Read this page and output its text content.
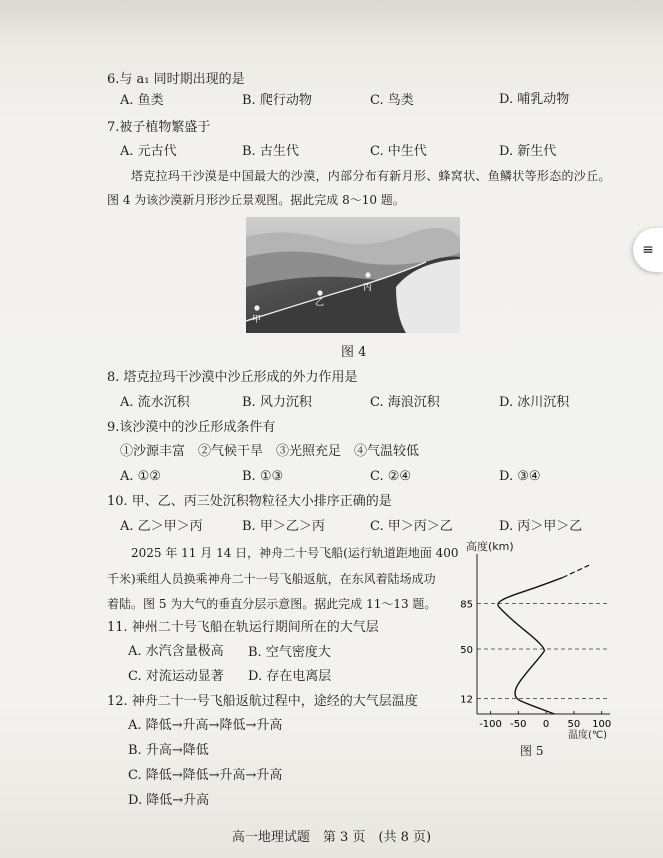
6.与 a₁ 同时期出现的是
A. 鱼类	B. 爬行动物	C. 鸟类	D. 哺乳动物
7.被子植物繁盛于
A. 元古代	B. 古生代	C. 中生代	D. 新生代
塔克拉玛干沙漠是中国最大的沙漠，内部分布有新月形、蜂窝状、鱼鳞状等形态的沙丘。
图 4 为该沙漠新月形沙丘景观图。据此完成 8～10 题。
丙
乙
甲
图 4
8. 塔克拉玛干沙漠中沙丘形成的外力作用是
A. 流水沉积	B. 风力沉积	C. 海浪沉积	D. 冰川沉积
9.该沙漠中的沙丘形成条件有
①沙源丰富　②气候干旱　③光照充足　④气温较低
A. ①②	B. ①③	C. ②④	D. ③④
10. 甲、乙、丙三处沉积物粒径大小排序正确的是
A. 乙＞甲＞丙	B. 甲＞乙＞丙	C. 甲＞丙＞乙	D. 丙＞甲＞乙
2025 年 11 月 14 日，神舟二十号飞船(运行轨道距地面 400
千米)乘组人员换乘神舟二十一号飞船返航，在东风着陆场成功
着陆。图 5 为大气的垂直分层示意图。据此完成 11～13 题。
11. 神州二十号飞船在轨运行期间所在的大气层
A. 水汽含量极高 B. 空气密度大
C. 对流运动显著 D. 存在电离层
12. 神舟二十一号飞船返航过程中，途经的大气层温度
A. 降低→升高→降低→升高
B. 升高→降低
C. 降低→降低→升高→升高
D. 降低→升高
高度(km)
温度(℃)
图 5
12
50
85
-100 -50 0 50 100
高一地理试题　第 3 页　(共 8 页)
≡
